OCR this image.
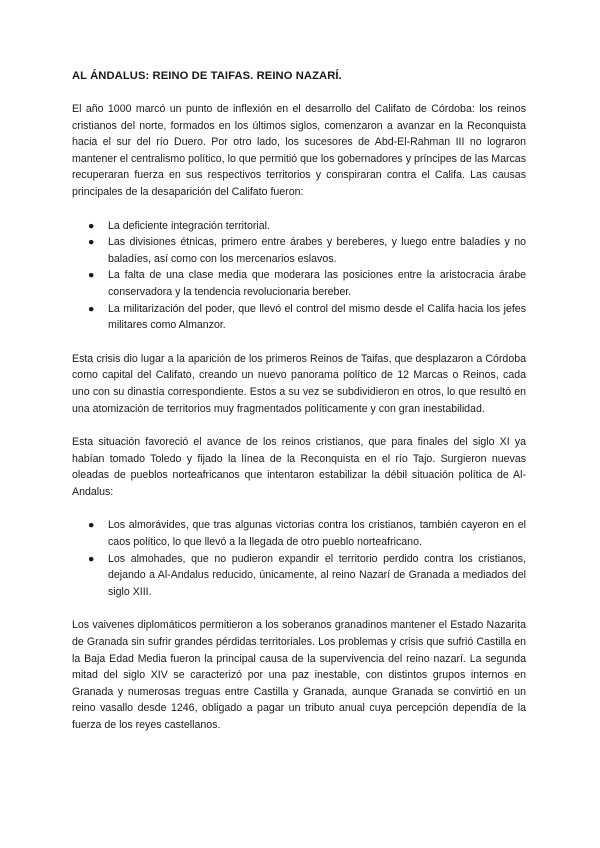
AL ÁNDALUS: REINO DE TAIFAS. REINO NAZARÍ.

El año 1000 marcó un punto de inflexión en el desarrollo del Califato de Córdoba: los reinos cristianos del norte, formados en los últimos siglos, comenzaron a avanzar en la Reconquista hacia el sur del río Duero. Por otro lado, los sucesores de Abd-El-Rahman III no lograron mantener el centralismo político, lo que permitió que los gobernadores y príncipes de las Marcas recuperaran fuerza en sus respectivos territorios y conspiraran contra el Califa. Las causas principales de la desaparición del Califato fueron:

● La deficiente integración territorial.
● Las divisiones étnicas, primero entre árabes y bereberes, y luego entre baladíes y no baladíes, así como con los mercenarios eslavos.
● La falta de una clase media que moderara las posiciones entre la aristocracia árabe conservadora y la tendencia revolucionaria bereber.
● La militarización del poder, que llevó el control del mismo desde el Califa hacia los jefes militares como Almanzor.

Esta crisis dio lugar a la aparición de los primeros Reinos de Taifas, que desplazaron a Córdoba como capital del Califato, creando un nuevo panorama político de 12 Marcas o Reinos, cada uno con su dinastía correspondiente. Estos a su vez se subdividieron en otros, lo que resultó en una atomización de territorios muy fragmentados políticamente y con gran inestabilidad.

Esta situación favoreció el avance de los reinos cristianos, que para finales del siglo XI ya habían tomado Toledo y fijado la línea de la Reconquista en el río Tajo. Surgieron nuevas oleadas de pueblos norteafricanos que intentaron estabilizar la débil situación política de Al-Andalus:

● Los almorávides, que tras algunas victorias contra los cristianos, también cayeron en el caos político, lo que llevó a la llegada de otro pueblo norteafricano.
● Los almohades, que no pudieron expandir el territorio perdido contra los cristianos, dejando a Al-Andalus reducido, únicamente, al reino Nazarí de Granada a mediados del siglo XIII.

Los vaivenes diplomáticos permitieron a los soberanos granadinos mantener el Estado Nazarita de Granada sin sufrir grandes pérdidas territoriales. Los problemas y crisis que sufrió Castilla en la Baja Edad Media fueron la principal causa de la supervivencia del reino nazarí. La segunda mitad del siglo XIV se caracterizó por una paz inestable, con distintos grupos internos en Granada y numerosas treguas entre Castilla y Granada, aunque Granada se convirtió en un reino vasallo desde 1246, obligado a pagar un tributo anual cuya percepción dependía de la fuerza de los reyes castellanos.
